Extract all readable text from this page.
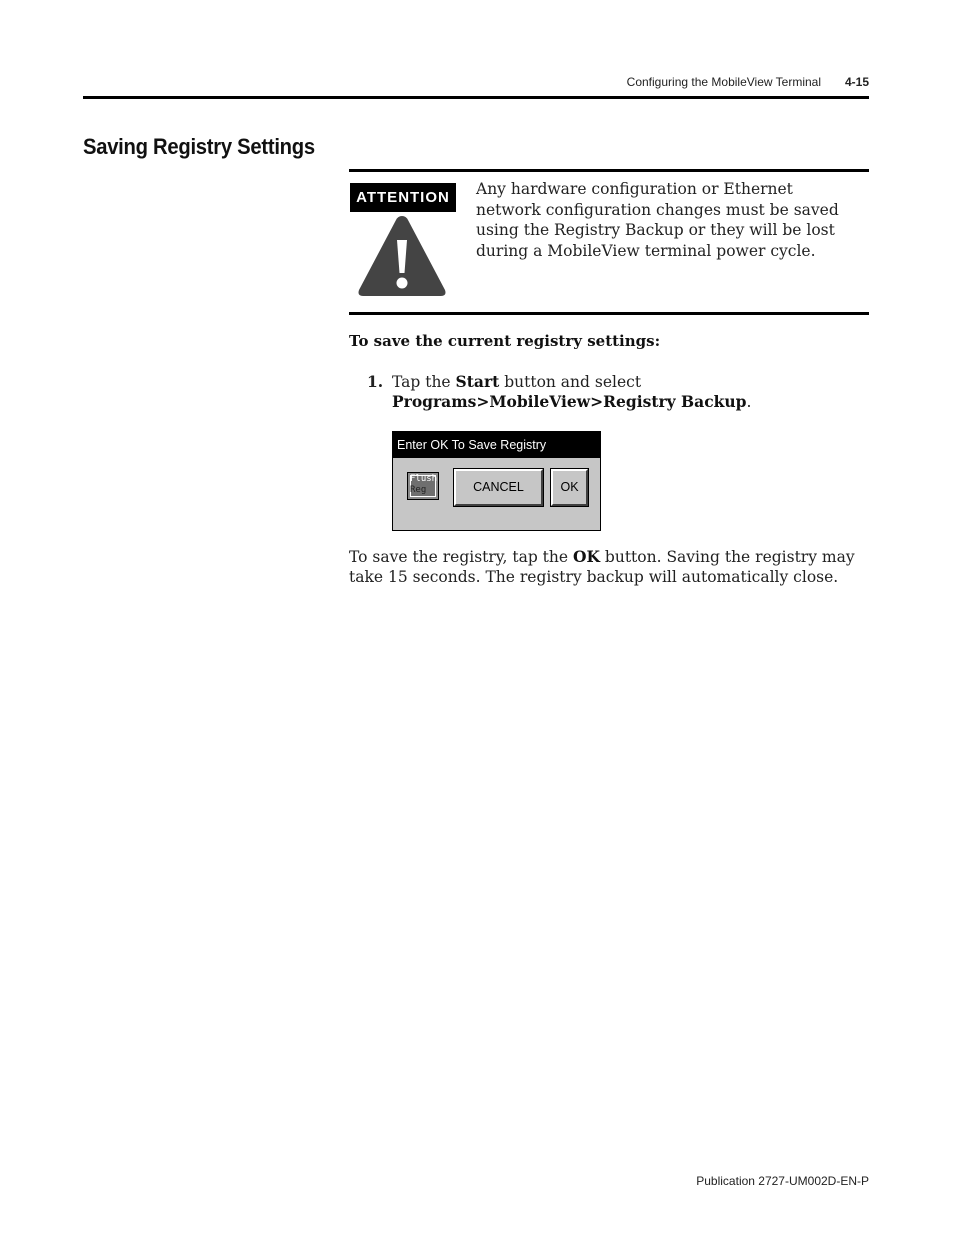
Configuring the MobileView Terminal 4-15
Saving Registry Settings
ATTENTION	Any hardware configuration or Ethernet network configuration changes must be saved using the Registry Backup or they will be lost during a MobileView terminal power cycle.
To save the current registry settings:
1. Tap the Start button and select
Programs>MobileView>Registry Backup.
Enter OK To Save Registry
Flush
Reg	CANCEL	OK
To save the registry, tap the OK button. Saving the registry may take 15 seconds. The registry backup will automatically close.
Publication 2727-UM002D-EN-P
